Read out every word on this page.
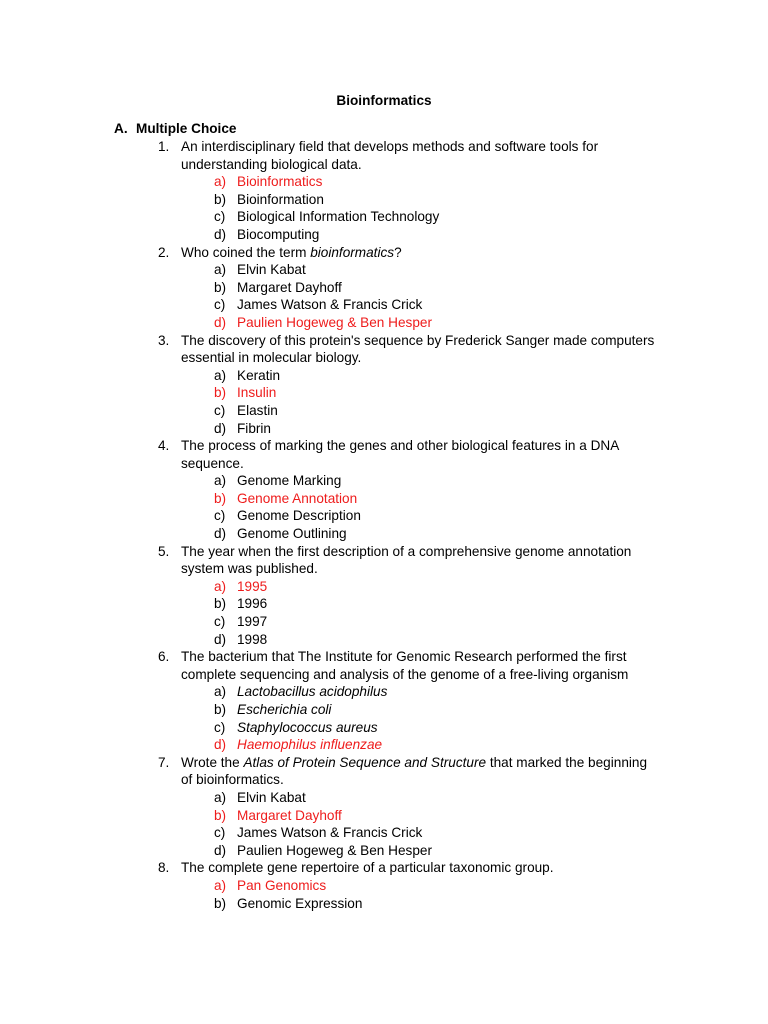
Bioinformatics
A. Multiple Choice
1. An interdisciplinary field that develops methods and software tools for understanding biological data.
a) Bioinformatics
b) Bioinformation
c) Biological Information Technology
d) Biocomputing
2. Who coined the term bioinformatics?
a) Elvin Kabat
b) Margaret Dayhoff
c) James Watson & Francis Crick
d) Paulien Hogeweg & Ben Hesper
3. The discovery of this protein's sequence by Frederick Sanger made computers essential in molecular biology.
a) Keratin
b) Insulin
c) Elastin
d) Fibrin
4. The process of marking the genes and other biological features in a DNA sequence.
a) Genome Marking
b) Genome Annotation
c) Genome Description
d) Genome Outlining
5. The year when the first description of a comprehensive genome annotation system was published.
a) 1995
b) 1996
c) 1997
d) 1998
6. The bacterium that The Institute for Genomic Research performed the first complete sequencing and analysis of the genome of a free-living organism
a) Lactobacillus acidophilus
b) Escherichia coli
c) Staphylococcus aureus
d) Haemophilus influenzae
7. Wrote the Atlas of Protein Sequence and Structure that marked the beginning of bioinformatics.
a) Elvin Kabat
b) Margaret Dayhoff
c) James Watson & Francis Crick
d) Paulien Hogeweg & Ben Hesper
8. The complete gene repertoire of a particular taxonomic group.
a) Pan Genomics
b) Genomic Expression
